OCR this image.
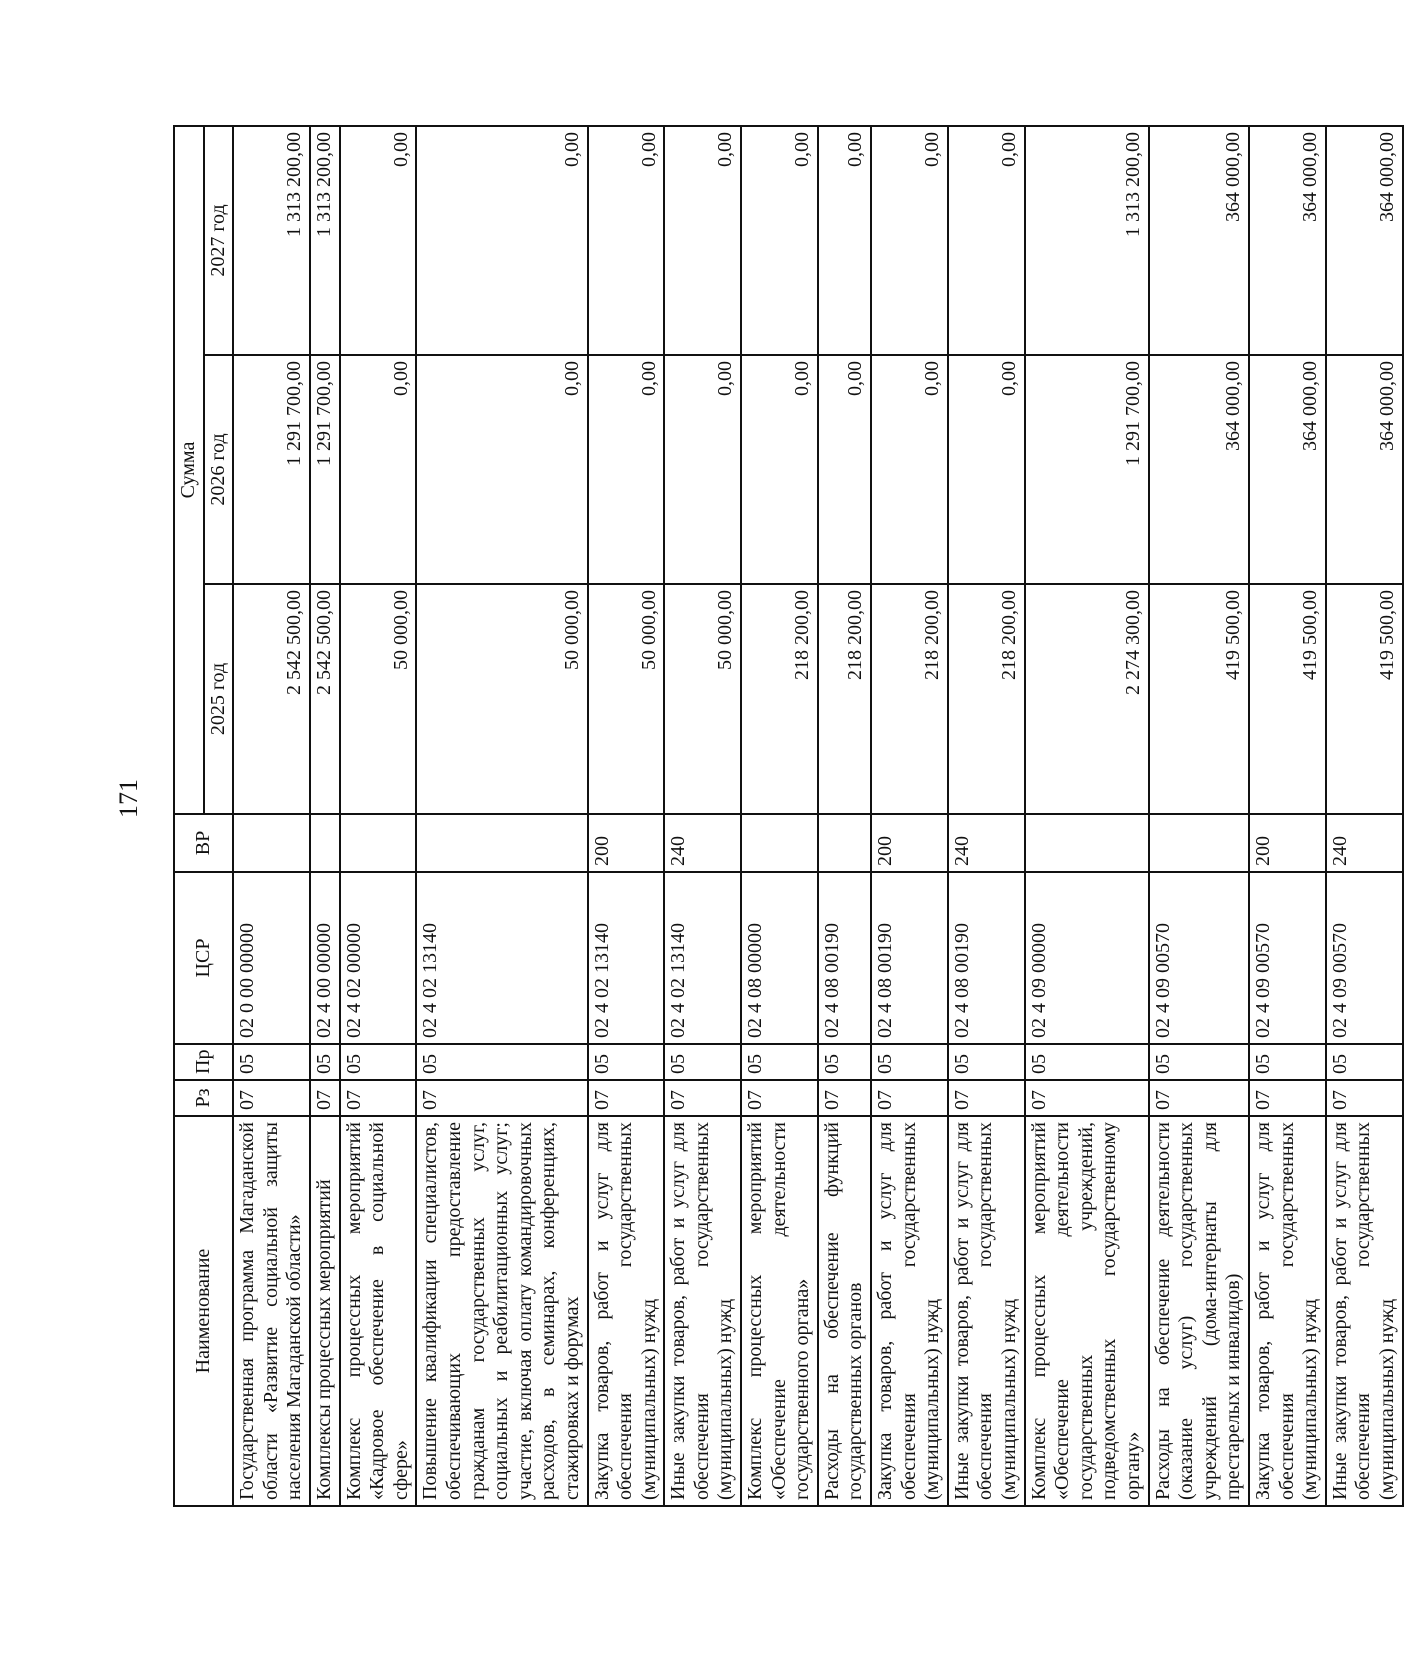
171
Наименование	Рз	Пр	ЦСР	ВР	Сумма		
					2025 год	2026 год	2027 год
Государственная программа Магаданской области «Развитие социальной защиты населения Магаданской области»	07	05	02 0 00 00000		2 542 500,00	1 291 700,00	1 313 200,00
Комплексы процессных мероприятий	07	05	02 4 00 00000		2 542 500,00	1 291 700,00	1 313 200,00
Комплекс процессных мероприятий «Кадровое обеспечение в социальной сфере»	07	05	02 4 02 00000		50 000,00	0,00	0,00
Повышение квалификации специалистов, обеспечивающих предоставление гражданам государственных услуг, социальных и реабилитационных услуг; участие, включая оплату командировочных расходов, в семинарах, конференциях, стажировках и форумах	07	05	02 4 02 13140		50 000,00	0,00	0,00
Закупка товаров, работ и услуг для обеспечения государственных (муниципальных) нужд	07	05	02 4 02 13140	200	50 000,00	0,00	0,00
Иные закупки товаров, работ и услуг для обеспечения государственных (муниципальных) нужд	07	05	02 4 02 13140	240	50 000,00	0,00	0,00
Комплекс процессных мероприятий «Обеспечение деятельности государственного органа»	07	05	02 4 08 00000		218 200,00	0,00	0,00
Расходы на обеспечение функций государственных органов	07	05	02 4 08 00190		218 200,00	0,00	0,00
Закупка товаров, работ и услуг для обеспечения государственных (муниципальных) нужд	07	05	02 4 08 00190	200	218 200,00	0,00	0,00
Иные закупки товаров, работ и услуг для обеспечения государственных (муниципальных) нужд	07	05	02 4 08 00190	240	218 200,00	0,00	0,00
Комплекс процессных мероприятий «Обеспечение деятельности государственных учреждений, подведомственных государственному органу»	07	05	02 4 09 00000		2 274 300,00	1 291 700,00	1 313 200,00
Расходы на обеспечение деятельности (оказание услуг) государственных учреждений (дома-интернаты для престарелых и инвалидов)	07	05	02 4 09 00570		419 500,00	364 000,00	364 000,00
Закупка товаров, работ и услуг для обеспечения государственных (муниципальных) нужд	07	05	02 4 09 00570	200	419 500,00	364 000,00	364 000,00
Иные закупки товаров, работ и услуг для обеспечения государственных (муниципальных) нужд	07	05	02 4 09 00570	240	419 500,00	364 000,00	364 000,00
